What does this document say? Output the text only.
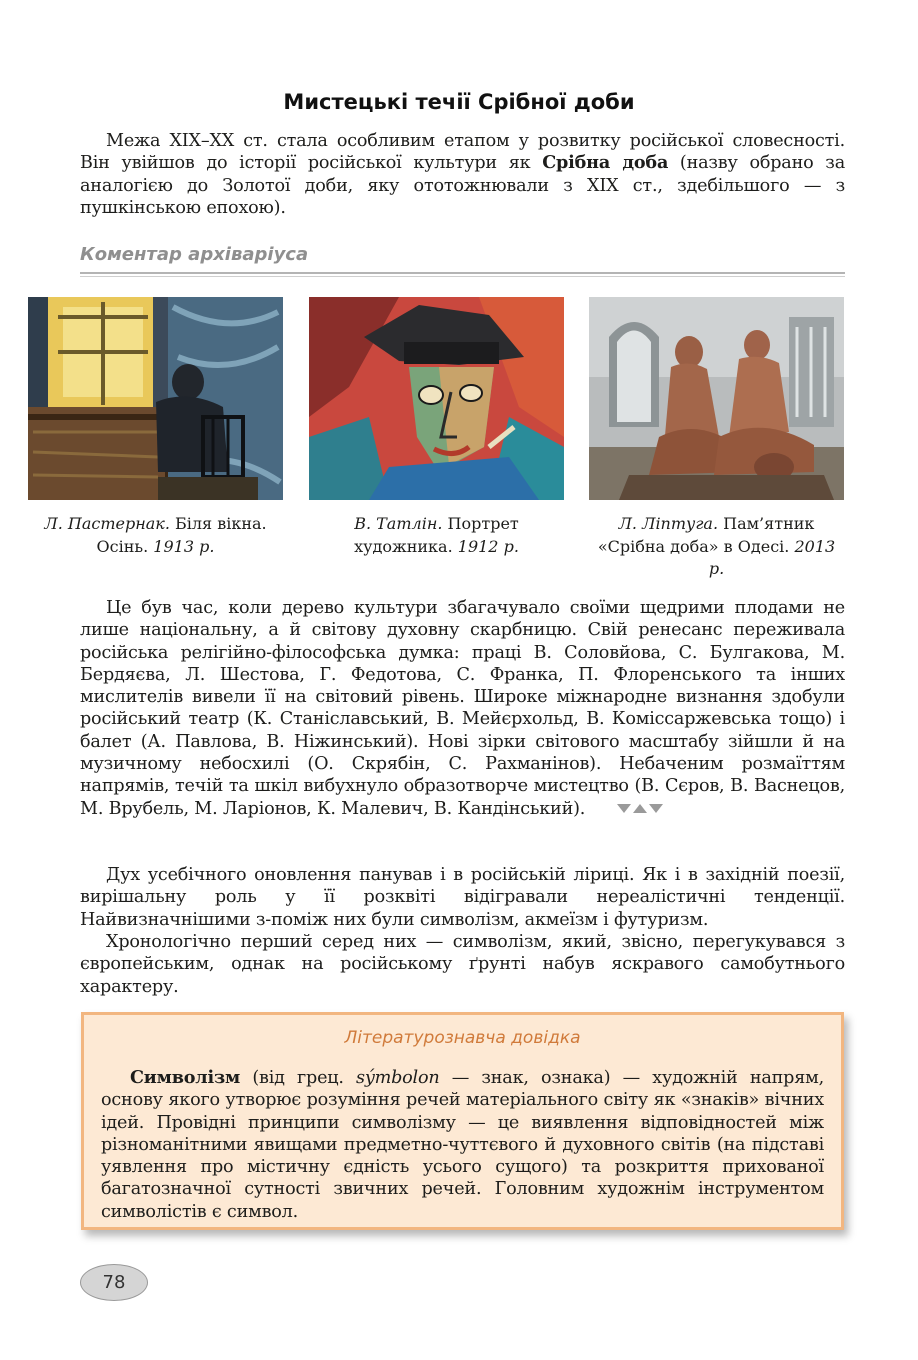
Мистецькі течії Срібної доби

Межа XIX–XX ст. стала особливим етапом у розвитку російської словесності. Він увійшов до історії російської культури як Срібна доба (назву обрано за аналогією до Золотої доби, яку ототожнювали з XIX ст., здебільшого — з пушкінською епохою).

Коментар архіваріуса

Л. Пастернак. Біля вікна. Осінь. 1913 р.

В. Татлін. Портрет художника. 1912 р.

Л. Ліптуга. Пам’ятник «Срібна доба» в Одесі. 2013 р.

Це був час, коли дерево культури збагачувало своїми щедрими плодами не лише національну, а й світову духовну скарбницю. Свій ренесанс переживала російська релігійно-філософська думка: праці В. Соловйова, С. Булгакова, М. Бердяєва, Л. Шестова, Г. Федотова, С. Франка, П. Флоренського та інших мислителів вивели її на світовий рівень. Широке міжнародне визнання здобули російський театр (К. Станіславський, В. Мейєрхольд, В. Коміссаржевська тощо) і балет (А. Павлова, В. Ніжинський). Нові зірки світового масштабу зійшли й на музичному небосхилі (О. Скрябін, С. Рахманінов). Небаченим розмаїттям напрямів, течій та шкіл вибухнуло образотворче мистецтво (В. Сєров, В. Васнецов, М. Врубель, М. Ларіонов, К. Малевич, В. Кандінський).

Дух усебічного оновлення панував і в російській ліриці. Як і в західній поезії, вирішальну роль у її розквіті відігравали нереалістичні тенденції. Найвизначнішими з-поміж них були символізм, акмеїзм і футуризм.

Хронологічно перший серед них — символізм, який, звісно, перегукувався з європейським, однак на російському ґрунті набув яскравого самобутнього характеру.

Літературознавча довідка

Символізм (від грец. sýmbolon — знак, ознака) — художній напрям, основу якого утворює розуміння речей матеріального світу як «знаків» вічних ідей. Провідні принципи символізму — це виявлення відповідностей між різноманітними явищами предметно-чуттєвого й духовного світів (на підставі уявлення про містичну єдність усього сущого) та розкриття прихованої багатозначної сутності звичних речей. Головним художнім інструментом символістів є символ.

78
